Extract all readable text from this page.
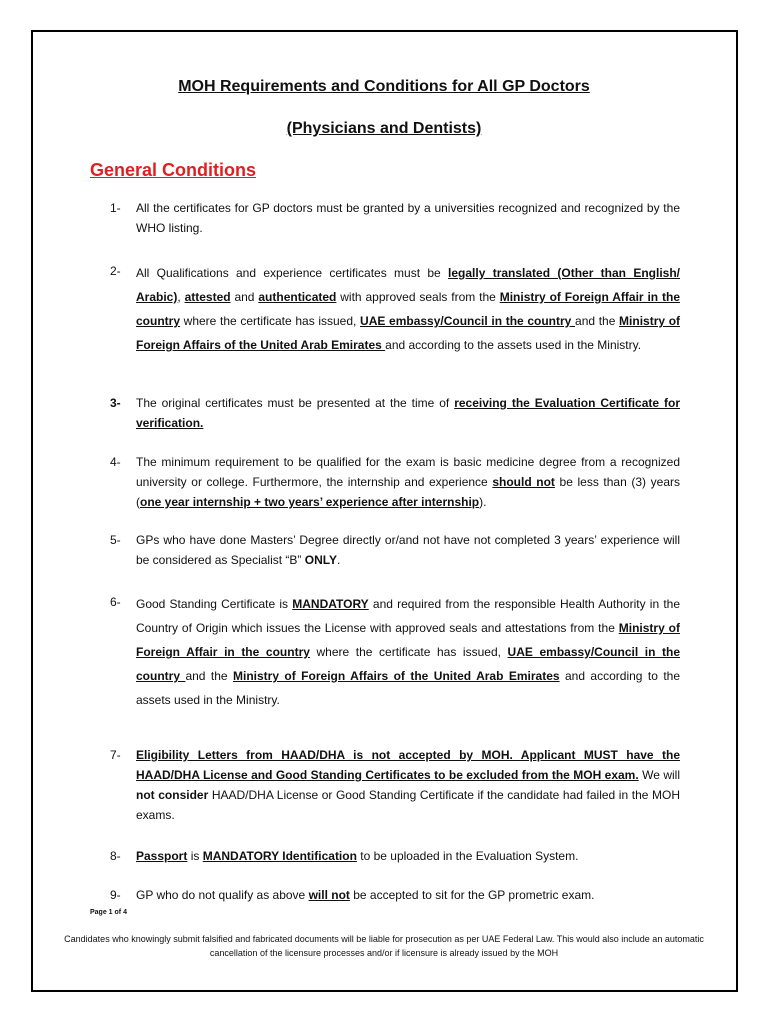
MOH Requirements and Conditions for All GP Doctors
(Physicians and Dentists)
General Conditions
1- All the certificates for GP doctors must be granted by a universities recognized and recognized by the WHO listing.
2- All Qualifications and experience certificates must be legally translated (Other than English/ Arabic), attested and authenticated with approved seals from the Ministry of Foreign Affair in the country where the certificate has issued, UAE embassy/Council in the country and the Ministry of Foreign Affairs of the United Arab Emirates and according to the assets used in the Ministry.
3- The original certificates must be presented at the time of receiving the Evaluation Certificate for verification.
4- The minimum requirement to be qualified for the exam is basic medicine degree from a recognized university or college. Furthermore, the internship and experience should not be less than (3) years (one year internship + two years’ experience after internship).
5- GPs who have done Masters’ Degree directly or/and not have not completed 3 years’ experience will be considered as Specialist “B” ONLY.
6- Good Standing Certificate is MANDATORY and required from the responsible Health Authority in the Country of Origin which issues the License with approved seals and attestations from the Ministry of Foreign Affair in the country where the certificate has issued, UAE embassy/Council in the country and the Ministry of Foreign Affairs of the United Arab Emirates and according to the assets used in the Ministry.
7- Eligibility Letters from HAAD/DHA is not accepted by MOH. Applicant MUST have the HAAD/DHA License and Good Standing Certificates to be excluded from the MOH exam. We will not consider HAAD/DHA License or Good Standing Certificate if the candidate had failed in the MOH exams.
8- Passport is MANDATORY Identification to be uploaded in the Evaluation System.
9- GP who do not qualify as above will not be accepted to sit for the GP prometric exam.
Page 1 of 4
Candidates who knowingly submit falsified and fabricated documents will be liable for prosecution as per UAE Federal Law. This would also include an automatic cancellation of the licensure processes and/or if licensure is already issued by the MOH
